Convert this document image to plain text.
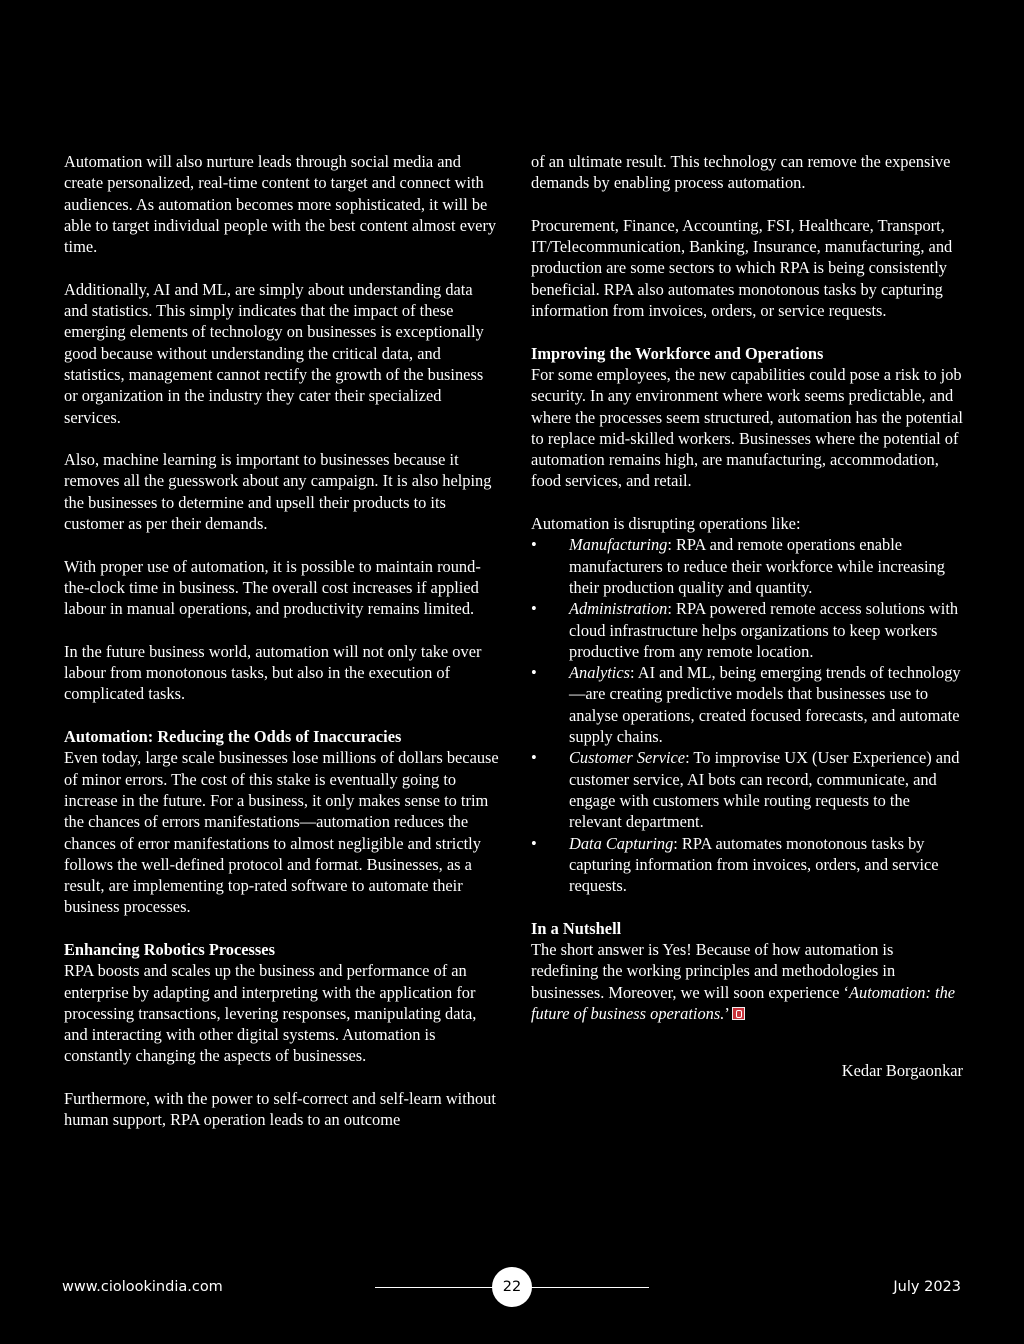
Automation will also nurture leads through social media and create personalized, real-time content to target and connect with audiences. As automation becomes more sophisticated, it will be able to target individual people with the best content almost every time.

Additionally, AI and ML, are simply about understanding data and statistics. This simply indicates that the impact of these emerging elements of technology on businesses is exceptionally good because without understanding the critical data, and statistics, management cannot rectify the growth of the business or organization in the industry they cater their specialized services.

Also, machine learning is important to businesses because it removes all the guesswork about any campaign. It is also helping the businesses to determine and upsell their products to its customer as per their demands.

With proper use of automation, it is possible to maintain round-the-clock time in business. The overall cost increases if applied labour in manual operations, and productivity remains limited.

In the future business world, automation will not only take over labour from monotonous tasks, but also in the execution of complicated tasks.

Automation: Reducing the Odds of Inaccuracies
Even today, large scale businesses lose millions of dollars because of minor errors. The cost of this stake is eventually going to increase in the future. For a business, it only makes sense to trim the chances of errors manifestations—automation reduces the chances of error manifestations to almost negligible and strictly follows the well-defined protocol and format. Businesses, as a result, are implementing top-rated software to automate their business processes.

Enhancing Robotics Processes
RPA boosts and scales up the business and performance of an enterprise by adapting and interpreting with the application for processing transactions, levering responses, manipulating data, and interacting with other digital systems. Automation is constantly changing the aspects of businesses.

Furthermore, with the power to self-correct and self-learn without human support, RPA operation leads to an outcome

of an ultimate result. This technology can remove the expensive demands by enabling process automation.

Procurement, Finance, Accounting, FSI, Healthcare, Transport, IT/Telecommunication, Banking, Insurance, manufacturing, and production are some sectors to which RPA is being consistently beneficial. RPA also automates monotonous tasks by capturing information from invoices, orders, or service requests.

Improving the Workforce and Operations
For some employees, the new capabilities could pose a risk to job security. In any environment where work seems predictable, and where the processes seem structured, automation has the potential to replace mid-skilled workers. Businesses where the potential of automation remains high, are manufacturing, accommodation, food services, and retail.

Automation is disrupting operations like:
• Manufacturing: RPA and remote operations enable manufacturers to reduce their workforce while increasing their production quality and quantity.
• Administration: RPA powered remote access solutions with cloud infrastructure helps organizations to keep workers productive from any remote location.
• Analytics: AI and ML, being emerging trends of technology—are creating predictive models that businesses use to analyse operations, created focused forecasts, and automate supply chains.
• Customer Service: To improvise UX (User Experience) and customer service, AI bots can record, communicate, and engage with customers while routing requests to the relevant department.
• Data Capturing: RPA automates monotonous tasks by capturing information from invoices, orders, and service requests.

In a Nutshell
The short answer is Yes! Because of how automation is redefining the working principles and methodologies in businesses. Moreover, we will soon experience ‘Automation: the future of business operations.’

Kedar Borgaonkar
www.ciolookindia.com	22	July 2023
